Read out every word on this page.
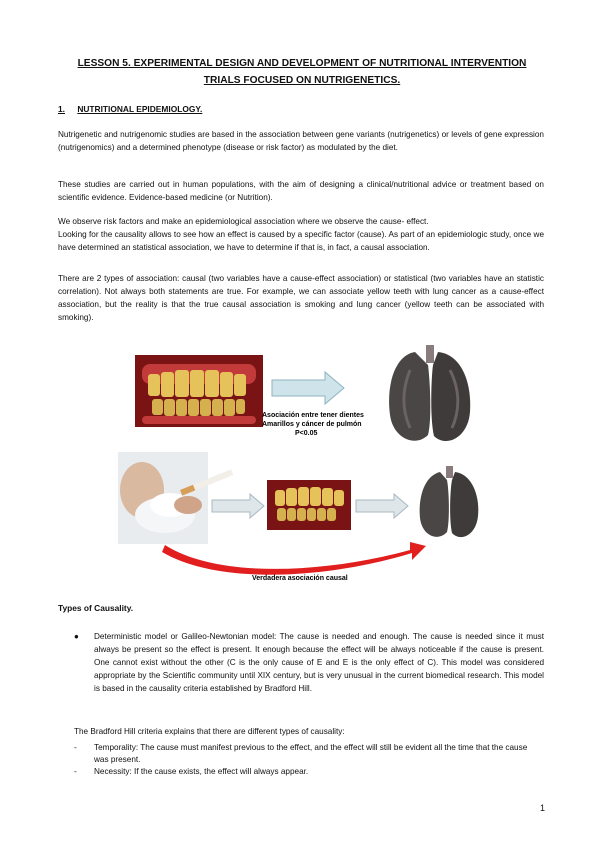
LESSON 5. EXPERIMENTAL DESIGN AND DEVELOPMENT OF NUTRITIONAL INTERVENTION TRIALS FOCUSED ON NUTRIGENETICS.
1. NUTRITIONAL EPIDEMIOLOGY.
Nutrigenetic and nutrigenomic studies are based in the association between gene variants (nutrigenetics) or levels of gene expression (nutrigenomics) and a determined phenotype (disease or risk factor) as modulated by the diet.
These studies are carried out in human populations, with the aim of designing a clinical/nutritional advice or treatment based on scientific evidence. Evidence-based medicine (or Nutrition).
We observe risk factors and make an epidemiological association where we observe the cause- effect.
Looking for the causality allows to see how an effect is caused by a specific factor (cause). As part of an epidemiologic study, once we have determined an statistical association, we have to determine if that is, in fact, a causal association.
There are 2 types of association: causal (two variables have a cause-effect association) or statistical (two variables have an statistic correlation). Not always both statements are true. For example, we can associate yellow teeth with lung cancer as a cause-effect association, but the reality is that the true causal association is smoking and lung cancer (yellow teeth can be associated with smoking).
Asociación entre tener dientes
Amarillos y cáncer de pulmón
P<0.05
Verdadera asociación causal
Types of Causality.
● Deterministic model or Galileo-Newtonian model: The cause is needed and enough. The cause is needed since it must always be present so the effect is present. It enough because the effect will be always noticeable if the cause is present. One cannot exist without the other (C is the only cause of E and E is the only effect of C). This model was considered appropriate by the Scientific community until XIX century, but is very unusual in the current biomedical research. This model is based in the causality criteria established by Bradford Hill.
The Bradford Hill criteria explains that there are different types of causality:
- Temporality: The cause must manifest previous to the effect, and the effect will still be evident all the time that the cause was present.
- Necessity: If the cause exists, the effect will always appear.
1
